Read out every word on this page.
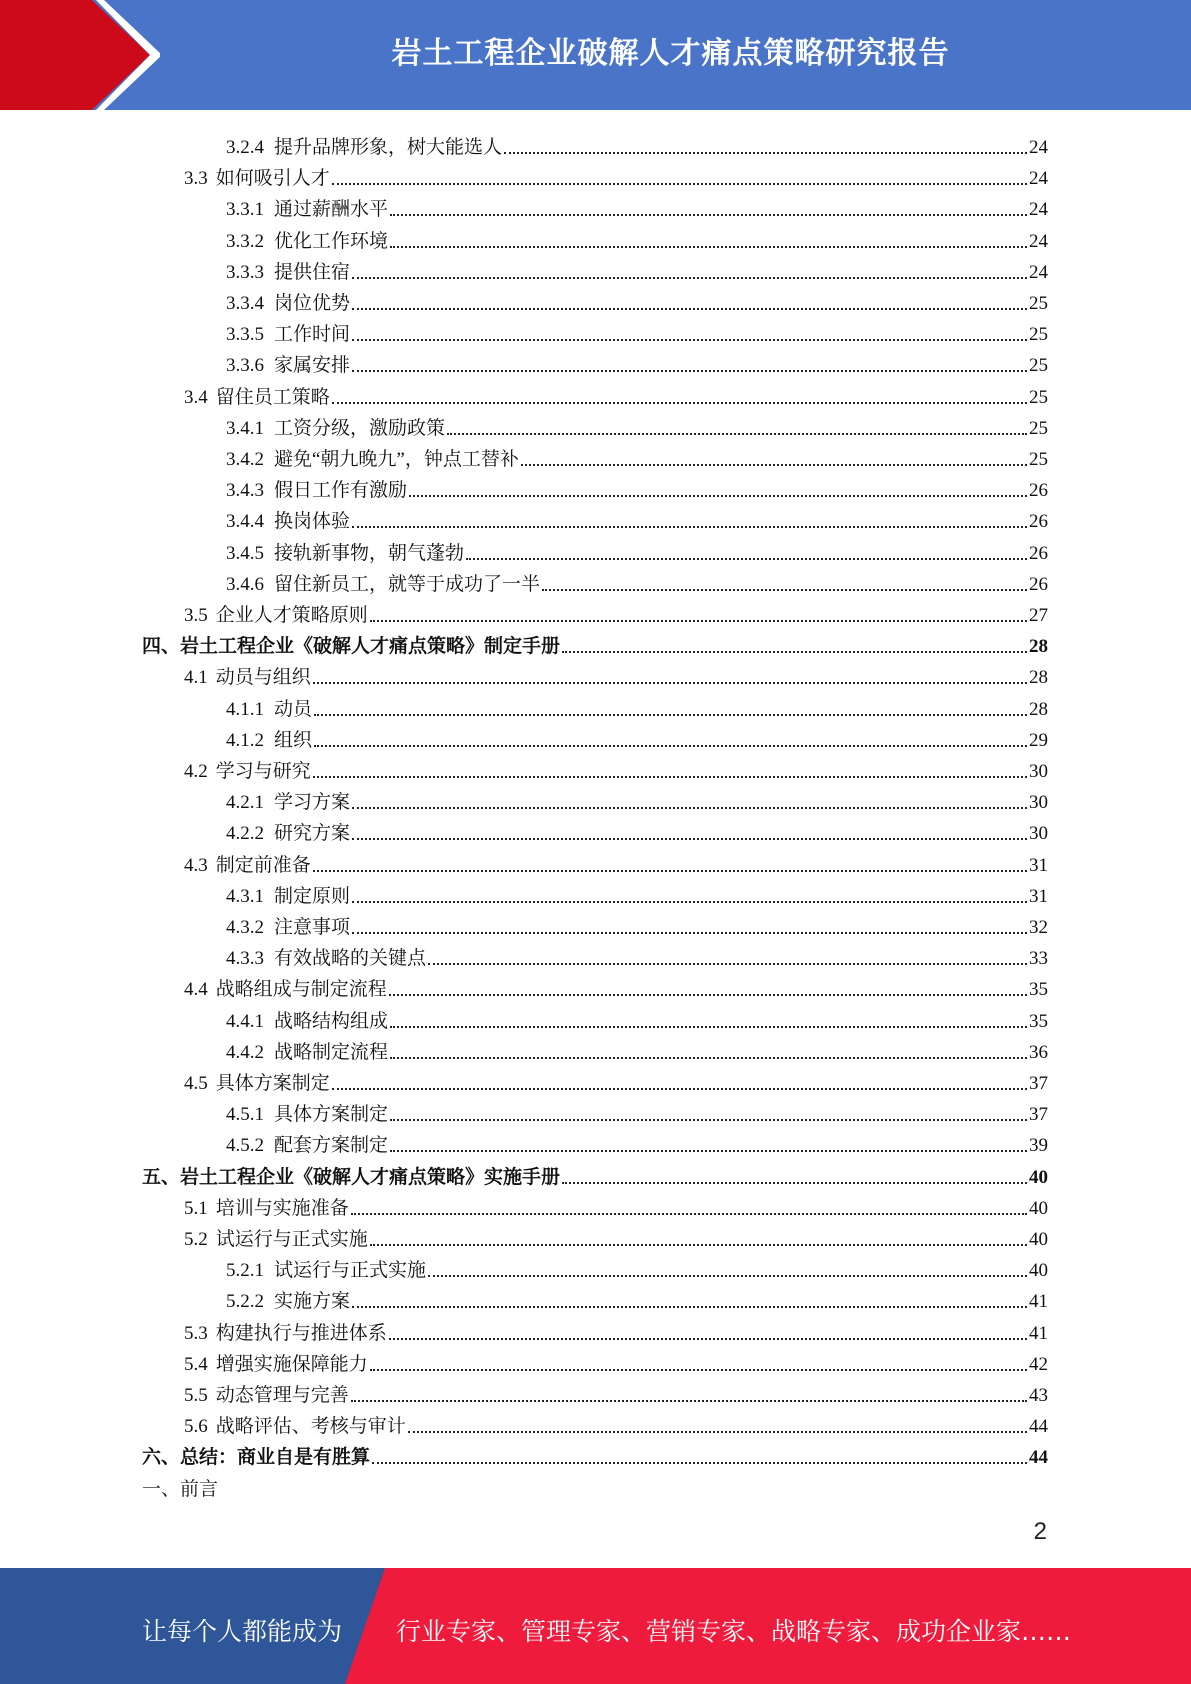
岩土工程企业破解人才痛点策略研究报告
3.2.4 提升品牌形象，树大能选人	24
3.3 如何吸引人才	24
3.3.1 通过薪酬水平	24
3.3.2 优化工作环境	24
3.3.3 提供住宿	24
3.3.4 岗位优势	25
3.3.5 工作时间	25
3.3.6 家属安排	25
3.4 留住员工策略	25
3.4.1 工资分级，激励政策	25
3.4.2 避免“朝九晚九”，钟点工替补	25
3.4.3 假日工作有激励	26
3.4.4 换岗体验	26
3.4.5 接轨新事物，朝气蓬勃	26
3.4.6 留住新员工，就等于成功了一半	26
3.5 企业人才策略原则	27
四、岩土工程企业《破解人才痛点策略》制定手册	28
4.1 动员与组织	28
4.1.1 动员	28
4.1.2 组织	29
4.2 学习与研究	30
4.2.1 学习方案	30
4.2.2 研究方案	30
4.3 制定前准备	31
4.3.1 制定原则	31
4.3.2 注意事项	32
4.3.3 有效战略的关键点	33
4.4 战略组成与制定流程	35
4.4.1 战略结构组成	35
4.4.2 战略制定流程	36
4.5 具体方案制定	37
4.5.1 具体方案制定	37
4.5.2 配套方案制定	39
五、岩土工程企业《破解人才痛点策略》实施手册	40
5.1 培训与实施准备	40
5.2 试运行与正式实施	40
5.2.1 试运行与正式实施	40
5.2.2 实施方案	41
5.3 构建执行与推进体系	41
5.4 增强实施保障能力	42
5.5 动态管理与完善	43
5.6 战略评估、考核与审计	44
六、总结：商业自是有胜算	44
一、前言
2
让每个人都能成为 行业专家、管理专家、营销专家、战略专家、成功企业家……
